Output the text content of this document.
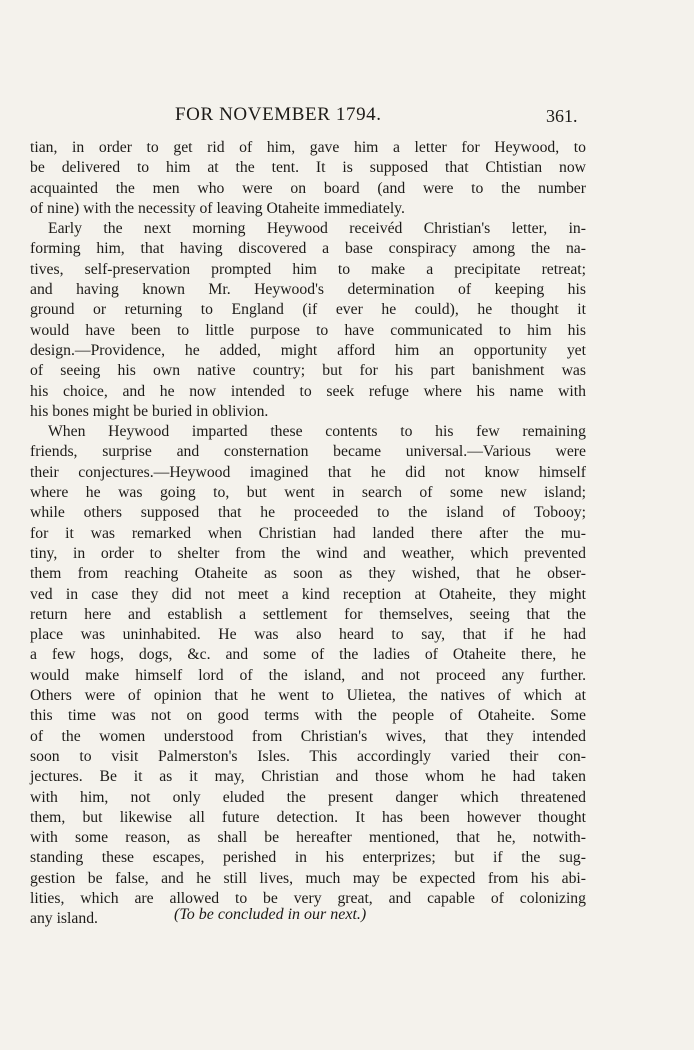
FOR NOVEMBER 1794.	361.
tian, in order to get rid of him, gave him a letter for Heywood, to
be delivered to him at the tent. It is supposed that Chtistian now
acquainted the men who were on board (and were to the number
of nine) with the necessity of leaving Otaheite immediately.
Early the next morning Heywood receivéd Christian's letter, in-
forming him, that having discovered a base conspiracy among the na-
tives, self-preservation prompted him to make a precipitate retreat;
and having known Mr. Heywood's determination of keeping his
ground or returning to England (if ever he could), he thought it
would have been to little purpose to have communicated to him his
design.—Providence, he added, might afford him an opportunity yet
of seeing his own native country; but for his part banishment was
his choice, and he now intended to seek refuge where his name with
his bones might be buried in oblivion.
When Heywood imparted these contents to his few remaining
friends, surprise and consternation became universal.—Various were
their conjectures.—Heywood imagined that he did not know himself
where he was going to, but went in search of some new island;
while others supposed that he proceeded to the island of Tobooy;
for it was remarked when Christian had landed there after the mu-
tiny, in order to shelter from the wind and weather, which prevented
them from reaching Otaheite as soon as they wished, that he obser-
ved in case they did not meet a kind reception at Otaheite, they might
return here and establish a settlement for themselves, seeing that the
place was uninhabited. He was also heard to say, that if he had
a few hogs, dogs, &c. and some of the ladies of Otaheite there, he
would make himself lord of the island, and not proceed any further.
Others were of opinion that he went to Ulietea, the natives of which at
this time was not on good terms with the people of Otaheite. Some
of the women understood from Christian's wives, that they intended
soon to visit Palmerston's Isles. This accordingly varied their con-
jectures. Be it as it may, Christian and those whom he had taken
with him, not only eluded the present danger which threatened
them, but likewise all future detection. It has been however thought
with some reason, as shall be hereafter mentioned, that he, notwith-
standing these escapes, perished in his enterprizes; but if the sug-
gestion be false, and he still lives, much may be expected from his abi-
lities, which are allowed to be very great, and capable of colonizing
any island.	(To be concluded in our next.)
